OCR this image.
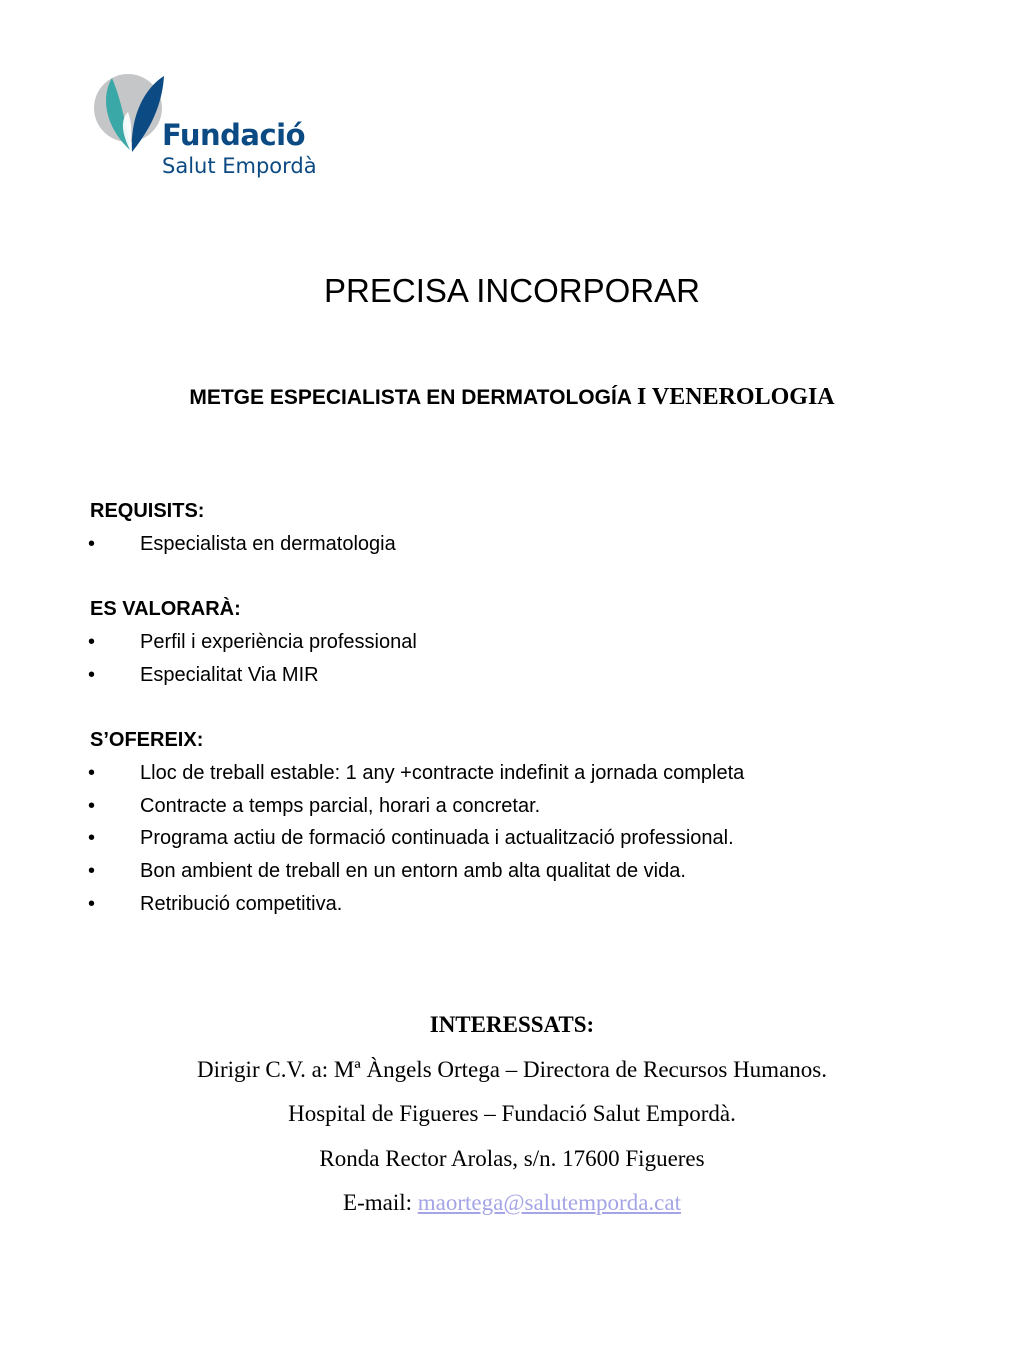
Fundació
Salut Empordà
PRECISA INCORPORAR
METGE ESPECIALISTA EN DERMATOLOGÍA I VENEROLOGIA
REQUISITS:
• Especialista en dermatologia
ES VALORARÀ:
• Perfil i experiència professional
• Especialitat Via MIR
S’OFEREIX:
• Lloc de treball estable: 1 any +contracte indefinit a jornada completa
• Contracte a temps parcial, horari a concretar.
• Programa actiu de formació continuada i actualització professional.
• Bon ambient de treball en un entorn amb alta qualitat de vida.
• Retribució competitiva.
INTERESSATS:
Dirigir C.V. a: Mª Àngels Ortega – Directora de Recursos Humanos.
Hospital de Figueres – Fundació Salut Empordà.
Ronda Rector Arolas, s/n. 17600 Figueres
E-mail: maortega@salutemporda.cat
